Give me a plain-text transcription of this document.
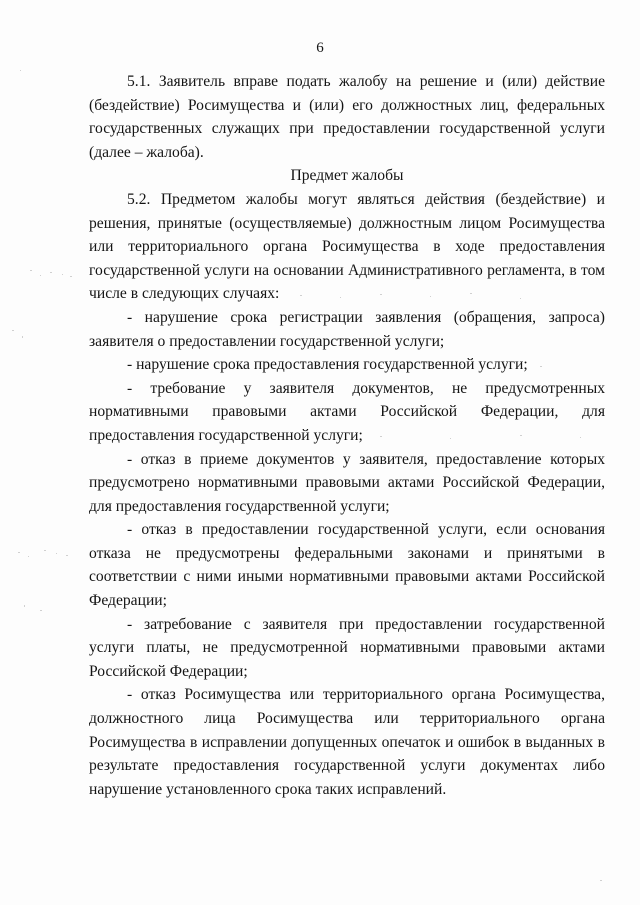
6

5.1. Заявитель вправе подать жалобу на решение и (или) действие (бездействие) Росимущества и (или) его должностных лиц, федеральных государственных служащих при предоставлении государственной услуги (далее – жалоба).

Предмет жалобы

5.2. Предметом жалобы могут являться действия (бездействие) и решения, принятые (осуществляемые) должностным лицом Росимущества или территориального органа Росимущества в ходе предоставления государственной услуги на основании Административного регламента, в том числе в следующих случаях:

- нарушение срока регистрации заявления (обращения, запроса) заявителя о предоставлении государственной услуги;

- нарушение срока предоставления государственной услуги;

- требование у заявителя документов, не предусмотренных нормативными правовыми актами Российской Федерации, для предоставления государственной услуги;

- отказ в приеме документов у заявителя, предоставление которых предусмотрено нормативными правовыми актами Российской Федерации, для предоставления государственной услуги;

- отказ в предоставлении государственной услуги, если основания отказа не предусмотрены федеральными законами и принятыми в соответствии с ними иными нормативными правовыми актами Российской Федерации;

- затребование с заявителя при предоставлении государственной услуги платы, не предусмотренной нормативными правовыми актами Российской Федерации;

- отказ Росимущества или территориального органа Росимущества, должностного лица Росимущества или территориального органа Росимущества в исправлении допущенных опечаток и ошибок в выданных в результате предоставления государственной услуги документах либо нарушение установленного срока таких исправлений.
